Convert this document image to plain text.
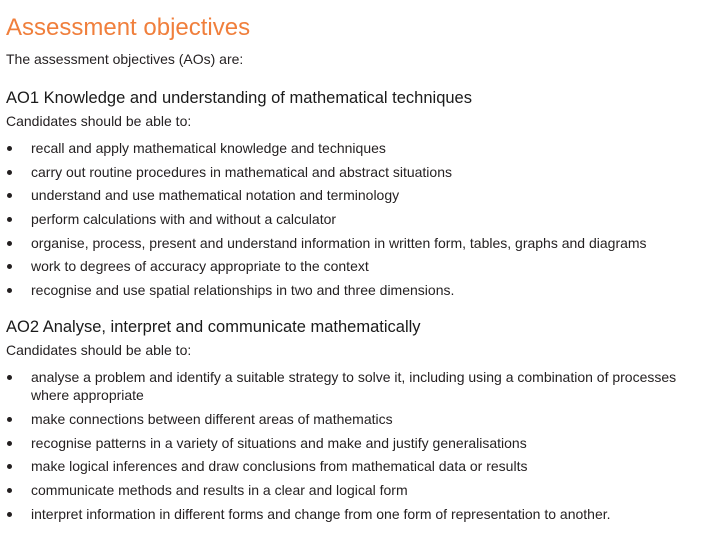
Assessment objectives

The assessment objectives (AOs) are:

AO1 Knowledge and understanding of mathematical techniques

Candidates should be able to:

recall and apply mathematical knowledge and techniques
carry out routine procedures in mathematical and abstract situations
understand and use mathematical notation and terminology
perform calculations with and without a calculator
organise, process, present and understand information in written form, tables, graphs and diagrams
work to degrees of accuracy appropriate to the context
recognise and use spatial relationships in two and three dimensions.
AO2 Analyse, interpret and communicate mathematically

Candidates should be able to:

analyse a problem and identify a suitable strategy to solve it, including using a combination of processes where appropriate
make connections between different areas of mathematics
recognise patterns in a variety of situations and make and justify generalisations
make logical inferences and draw conclusions from mathematical data or results
communicate methods and results in a clear and logical form
interpret information in different forms and change from one form of representation to another.
